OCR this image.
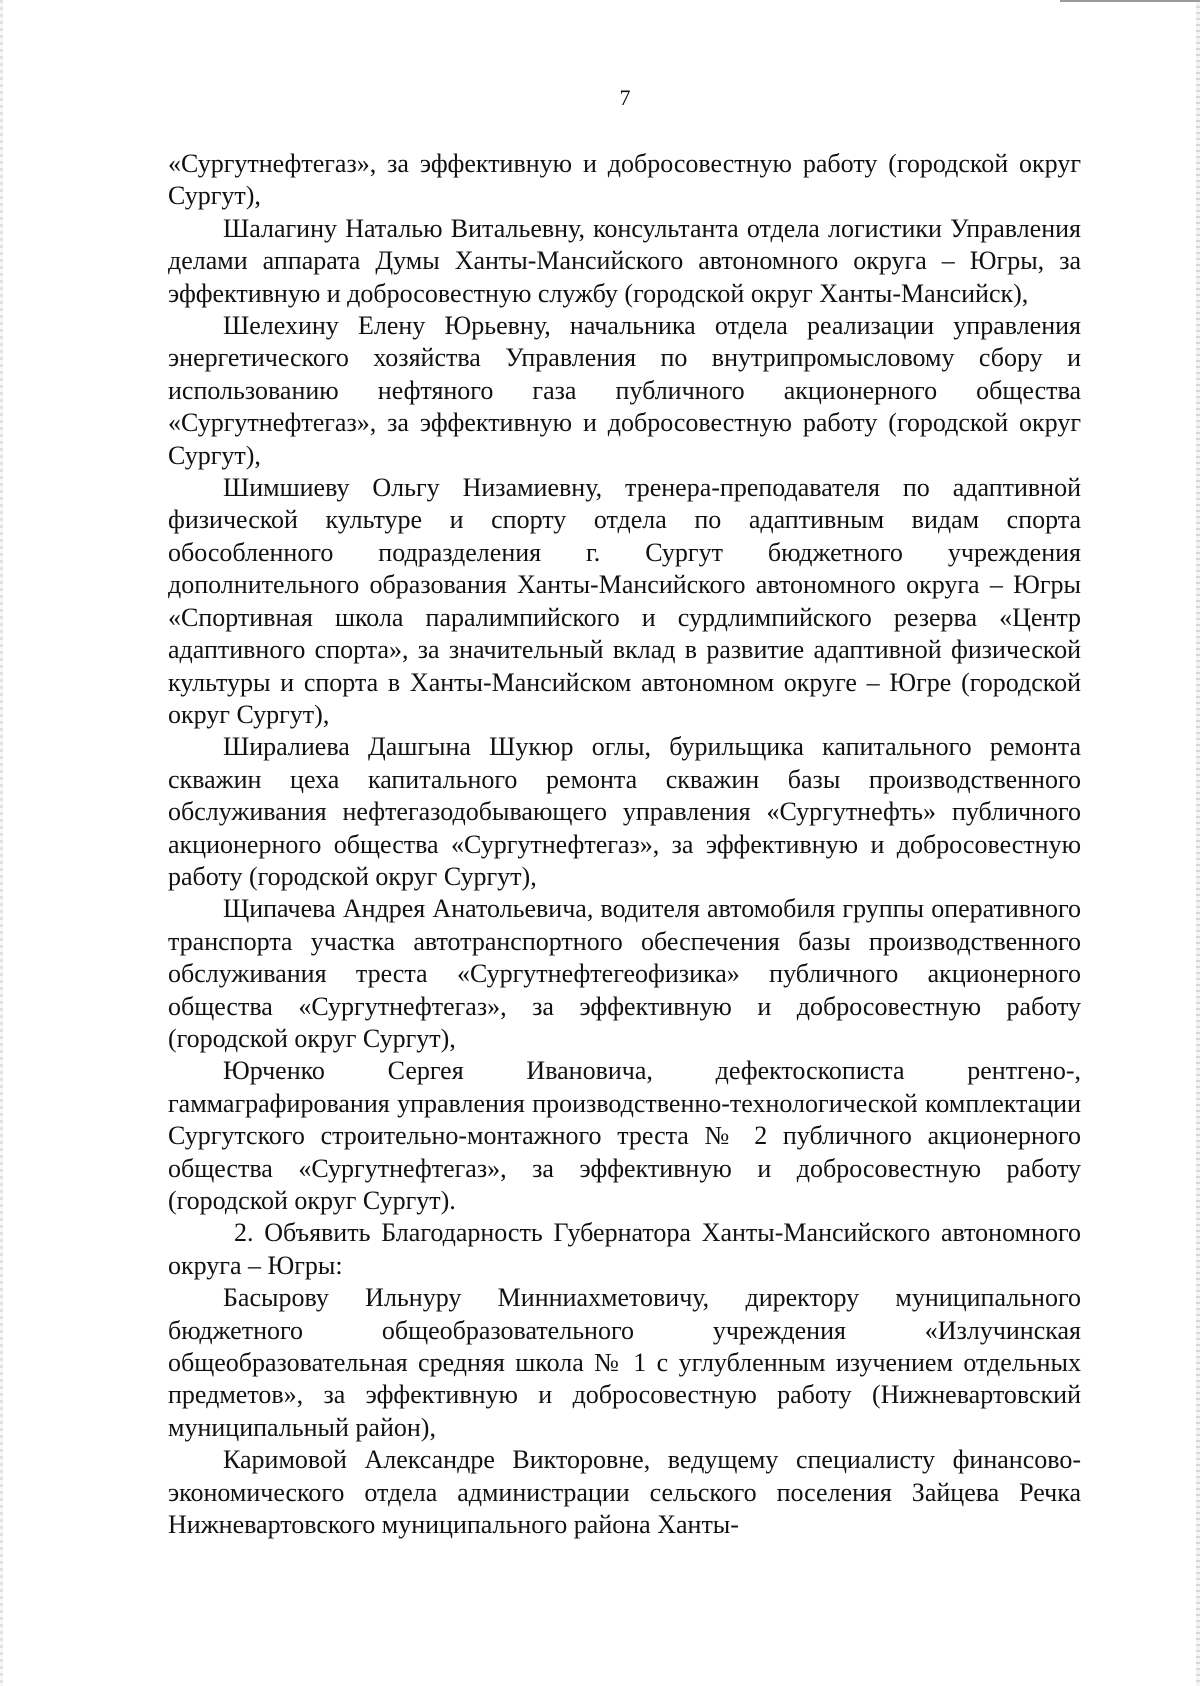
7

«Сургутнефтегаз», за эффективную и добросовестную работу (городской округ Сургут),

Шалагину Наталью Витальевну, консультанта отдела логистики Управления делами аппарата Думы Ханты-Мансийского автономного округа – Югры, за эффективную и добросовестную службу (городской округ Ханты-Мансийск),

Шелехину Елену Юрьевну, начальника отдела реализации управления энергетического хозяйства Управления по внутрипромысловому сбору и использованию нефтяного газа публичного акционерного общества «Сургутнефтегаз», за эффективную и добросовестную работу (городской округ Сургут),

Шимшиеву Ольгу Низамиевну, тренера-преподавателя по адаптивной физической культуре и спорту отдела по адаптивным видам спорта обособленного подразделения г. Сургут бюджетного учреждения дополнительного образования Ханты-Мансийского автономного округа – Югры «Спортивная школа паралимпийского и сурдлимпийского резерва «Центр адаптивного спорта», за значительный вклад в развитие адаптивной физической культуры и спорта в Ханты-Мансийском автономном округе – Югре (городской округ Сургут),

Ширалиева Дашгына Шукюр оглы, бурильщика капитального ремонта скважин цеха капитального ремонта скважин базы производственного обслуживания нефтегазодобывающего управления «Сургутнефть» публичного акционерного общества «Сургутнефтегаз», за эффективную и добросовестную работу (городской округ Сургут),

Щипачева Андрея Анатольевича, водителя автомобиля группы оперативного транспорта участка автотранспортного обеспечения базы производственного обслуживания треста «Сургутнефтегеофизика» публичного акционерного общества «Сургутнефтегаз», за эффективную и добросовестную работу (городской округ Сургут),

Юрченко Сергея Ивановича, дефектоскописта рентгено-, гаммаграфирования управления производственно-технологической комплектации Сургутского строительно-монтажного треста № 2 публичного акционерного общества «Сургутнефтегаз», за эффективную и добросовестную работу (городской округ Сургут).

2. Объявить Благодарность Губернатора Ханты-Мансийского автономного округа – Югры:

Басырову Ильнуру Минниахметовичу, директору муниципального бюджетного общеобразовательного учреждения «Излучинская общеобразовательная средняя школа № 1 с углубленным изучением отдельных предметов», за эффективную и добросовестную работу (Нижневартовский муниципальный район),

Каримовой Александре Викторовне, ведущему специалисту финансово-экономического отдела администрации сельского поселения Зайцева Речка Нижневартовского муниципального района Ханты-
